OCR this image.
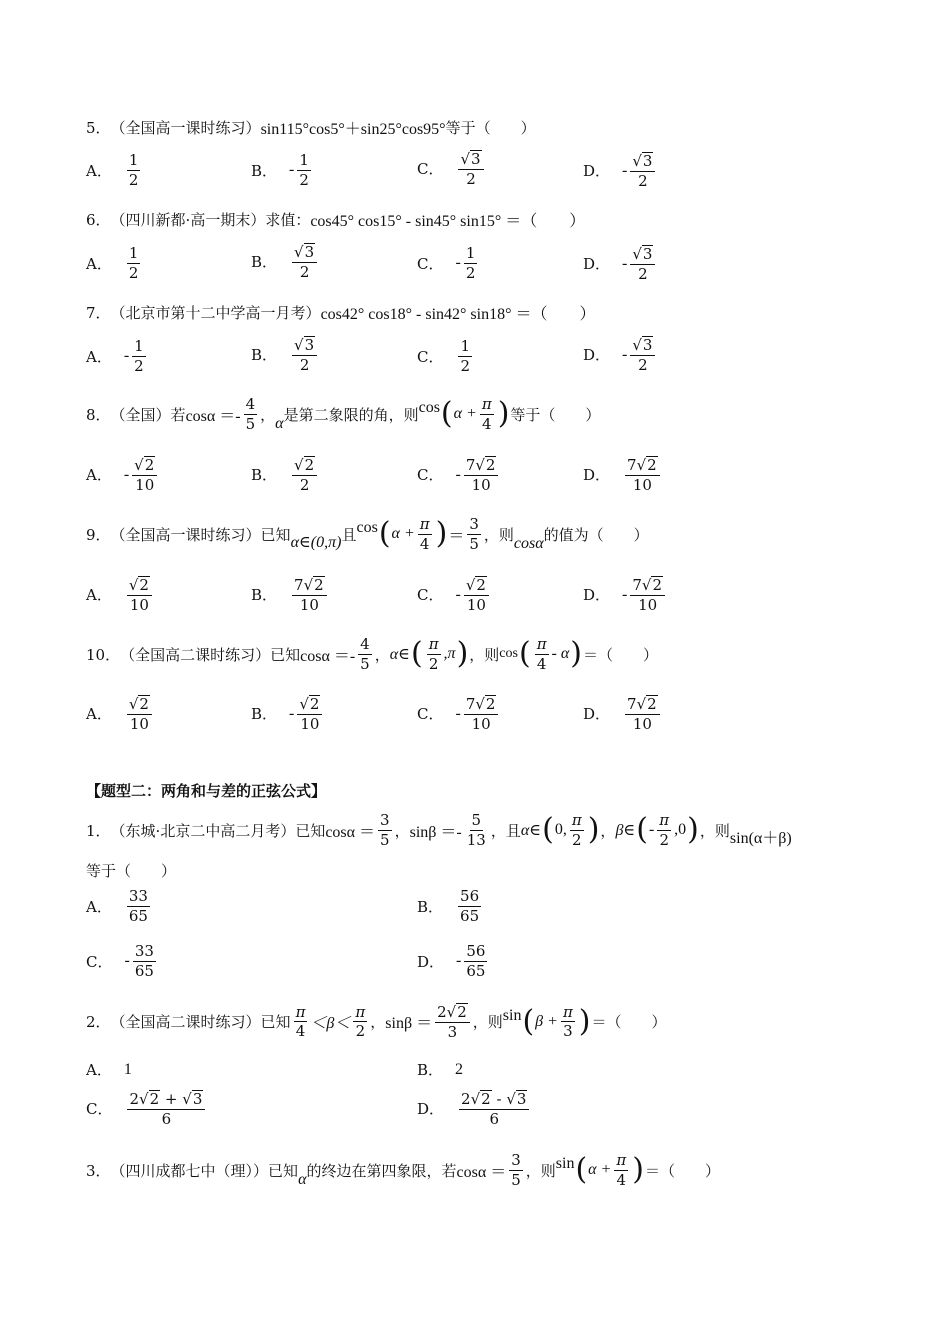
5． （全国高一课时练习） sin115°cos5°＋sin25°cos95° 等于（　　）
A． $\frac{1}{2}$	B． - $\frac{1}{2}$	C． $\frac{√ 3}{2}$	D． - $\frac{√ 3}{2}$
6． （四川新都·高一期末）求值： cos45° cos15° - sin45° sin15° ＝（　　）
A． $\frac{1}{2}$	B． $\frac{√ 3}{2}$	C． - $\frac{1}{2}$	D． - $\frac{√ 3}{2}$
7． （北京市第十二中学高一月考） cos42° cos18° - sin42° sin18° ＝（　　）
A． - $\frac{1}{2}$	B． $\frac{√ 3}{2}$	C． $\frac{1}{2}$	D． - $\frac{√ 3}{2}$
8． （全国）若 $\cos\alpha =- \frac{4}{5}$ ， α 是第二象限的角，则 cos ( $\alpha + \frac{\pi}{4}$ ) 等于（　　）
A． - $\frac{√ 2}{10}$	B． $\frac{√ 2}{2}$	C． - $\frac{7 √ 2}{10}$	D． $\frac{7 √ 2}{10}$
9． （全国高一课时练习）已知 α∈(0,π) 且 cos ( $\alpha + \frac{\pi}{4}$ ) ＝ $\frac{3}{5}$ ，则 cosα 的值为（　　）
A． $\frac{√ 2}{10}$	B． $\frac{7 √ 2}{10}$	C． - $\frac{√ 2}{10}$	D． - $\frac{7 √ 2}{10}$
10． （全国高二课时练习）已知 $\cos\alpha =- \frac{4}{5}$ ， α∈ ( $\frac{\pi}{2} ,\pi$ ) ，则 cos ( $\frac{\pi}{4}$ - α ) ＝（　　）
A． $\frac{√ 2}{10}$	B． - $\frac{√ 2}{10}$	C． - $\frac{7 √ 2}{10}$	D． $\frac{7 √ 2}{10}$
【题型二：两角和与差的正弦公式】
1． （东城·北京二中高二月考）已知 $\cos\alpha = \frac{3}{5}$ ， $\sin\beta =- \frac{5}{13}$ ，且 α∈ ( 0, $\frac{\pi}{2}$ ) ， β∈ ( - $\frac{\pi}{2} ,0$ ) ，则 sin(α＋β)
等于（　　）
A． $\frac{33}{65}$	B． $\frac{56}{65}$
C． - $\frac{33}{65}$	D． - $\frac{56}{65}$
2． （全国高二课时练习）已知 $\frac{\pi}{4} <\beta< \frac{\pi}{2}$ ， $\sin\beta = \frac{2 √ 2}{3}$ ，则 sin ( $\beta + \frac{\pi}{3}$ ) ＝（　　）
A． 1	B． 2
C． $\frac{2 √ 2 + √ 3}{6}$	D． $\frac{2 √ 2 - √ 3}{6}$
3． （四川成都七中（理））已知 α 的终边在第四象限，若 $\cos\alpha = \frac{3}{5}$ ，则 sin ( $\alpha + \frac{\pi}{4}$ ) ＝（　　）
